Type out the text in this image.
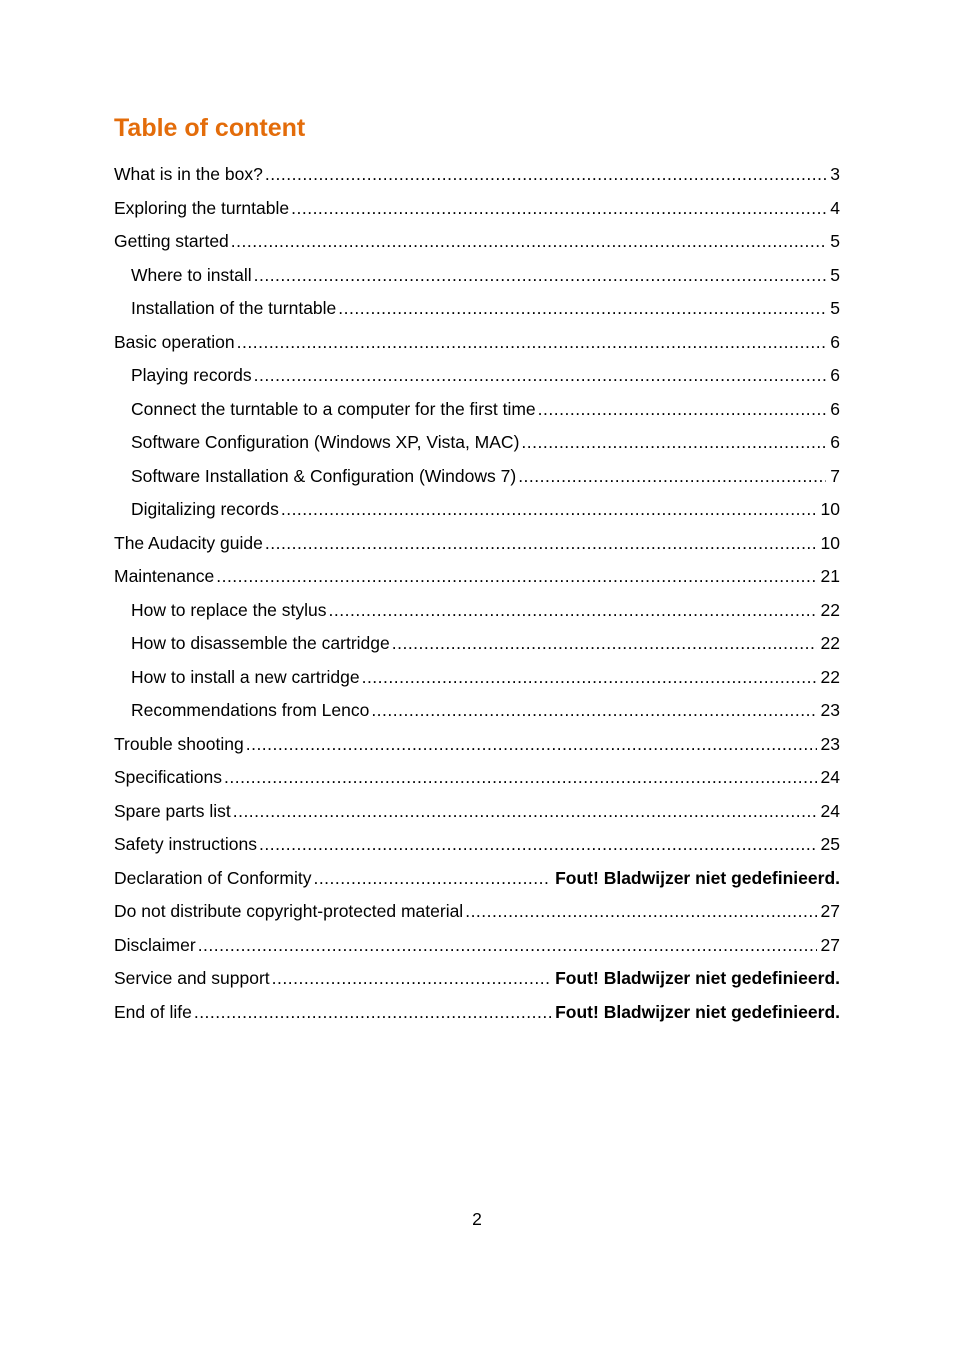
Table of content
What is in the box? .....	3
Exploring the turntable .....	4
Getting started .....	5
Where to install .....	5
Installation of the turntable .....	5
Basic operation .....	6
Playing records .....	6
Connect the turntable to a computer for the first time .....	6
Software Configuration (Windows XP, Vista, MAC) .....	6
Software Installation & Configuration (Windows 7) .....	7
Digitalizing records .....	10
The Audacity guide .....	10
Maintenance .....	21
How to replace the stylus .....	22
How to disassemble the cartridge .....	22
How to install a new cartridge .....	22
Recommendations from Lenco .....	23
Trouble shooting .....	23
Specifications .....	24
Spare parts list .....	24
Safety instructions .....	25
Declaration of Conformity .....	Fout! Bladwijzer niet gedefinieerd.
Do not distribute copyright-protected material .....	27
Disclaimer .....	27
Service and support .....	Fout! Bladwijzer niet gedefinieerd.
End of life .....	Fout! Bladwijzer niet gedefinieerd.
2
